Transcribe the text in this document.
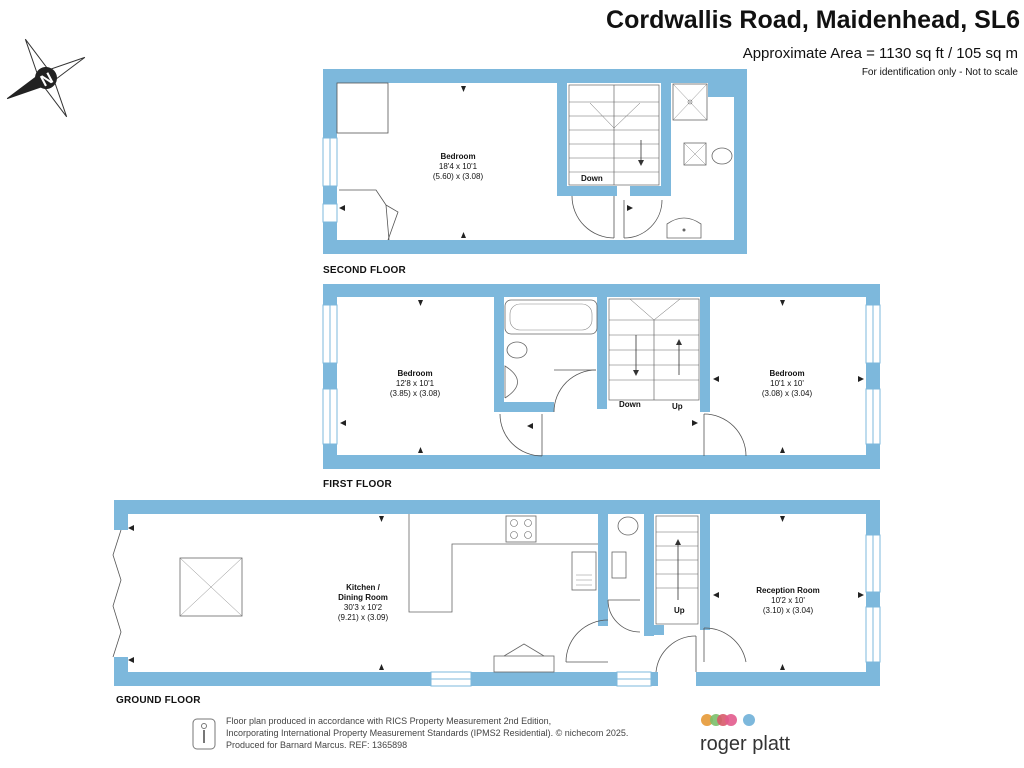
N
Cordwallis Road, Maidenhead, SL6
Approximate Area = 1130 sq ft / 105 sq m
For identification only - Not to scale
SECOND FLOOR
FIRST FLOOR
GROUND FLOOR
Bedroom
18'4 x 10'1
(5.60) x (3.08)
Bedroom
12'8 x 10'1
(3.85) x (3.08)
Bedroom
10'1 x 10'
(3.08) x (3.04)
Kitchen /
Dining Room
30'3 x 10'2
(9.21) x (3.09)
Reception Room
10'2 x 10'
(3.10) x (3.04)
Down
Down	Up
Up
Floor plan produced in accordance with RICS Property Measurement 2nd Edition,
Incorporating International Property Measurement Standards (IPMS2 Residential). © nichecom 2025.
Produced for Barnard Marcus. REF: 1365898	roger platt
